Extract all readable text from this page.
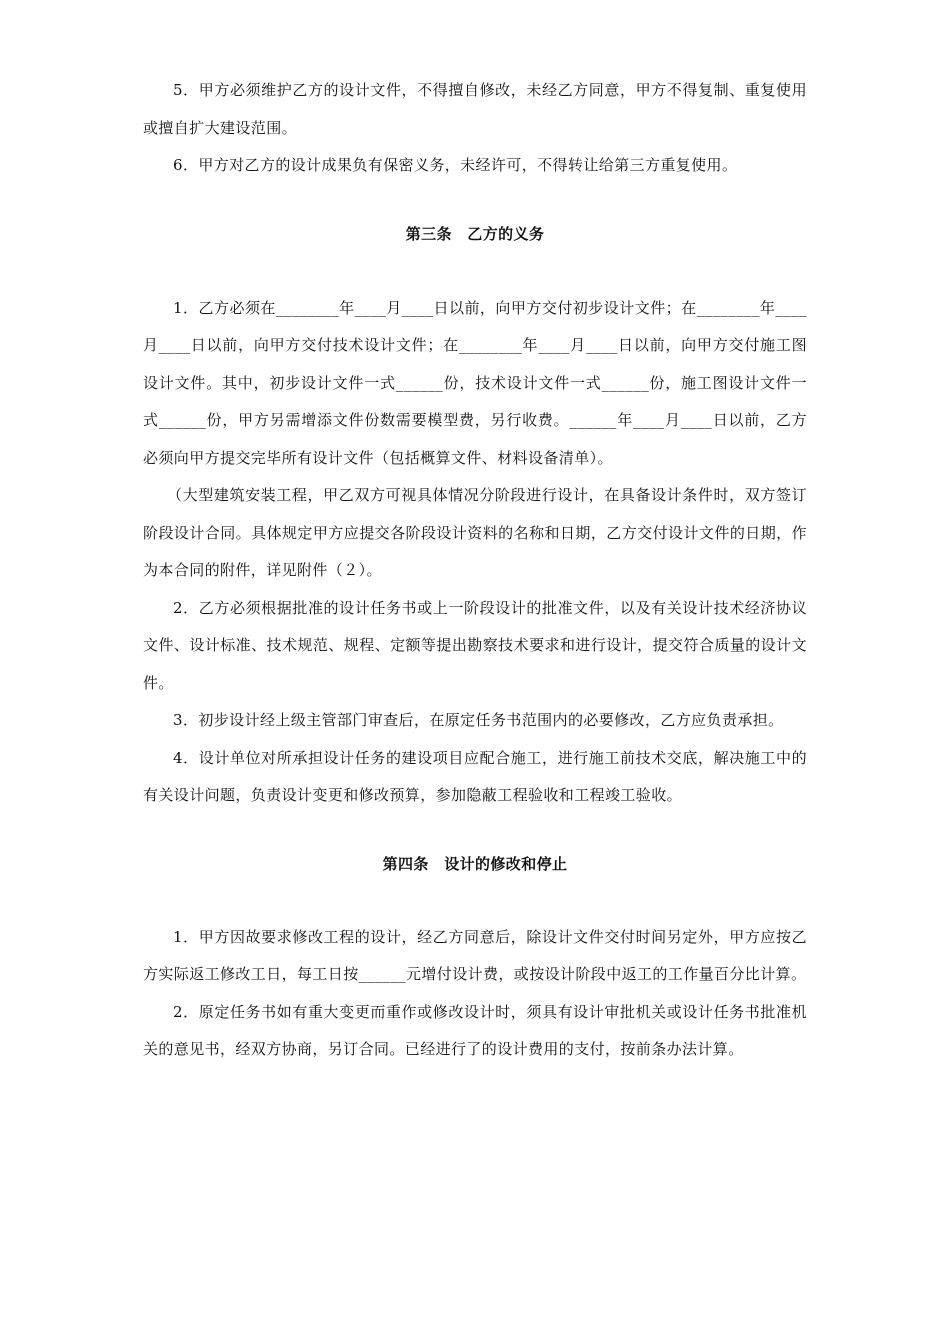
5．甲方必须维护乙方的设计文件，不得擅自修改，未经乙方同意，甲方不得复制、重复使用或擅自扩大建设范围。

6．甲方对乙方的设计成果负有保密义务，未经许可，不得转让给第三方重复使用。

第三条　乙方的义务

1．乙方必须在________年____月____日以前，向甲方交付初步设计文件；在________年____月____日以前，向甲方交付技术设计文件；在________年____月____日以前，向甲方交付施工图设计文件。其中，初步设计文件一式______份，技术设计文件一式______份，施工图设计文件一式______份，甲方另需增添文件份数需要模型费，另行收费。______年____月____日以前，乙方必须向甲方提交完毕所有设计文件（包括概算文件、材料设备清单）。

（大型建筑安装工程，甲乙双方可视具体情况分阶段进行设计，在具备设计条件时，双方签订阶段设计合同。具体规定甲方应提交各阶段设计资料的名称和日期，乙方交付设计文件的日期，作为本合同的附件，详见附件（２）。

2．乙方必须根据批准的设计任务书或上一阶段设计的批准文件，以及有关设计技术经济协议文件、设计标准、技术规范、规程、定额等提出勘察技术要求和进行设计，提交符合质量的设计文件。

3．初步设计经上级主管部门审查后，在原定任务书范围内的必要修改，乙方应负责承担。

4．设计单位对所承担设计任务的建设项目应配合施工，进行施工前技术交底，解决施工中的有关设计问题，负责设计变更和修改预算，参加隐蔽工程验收和工程竣工验收。

第四条　设计的修改和停止

1．甲方因故要求修改工程的设计，经乙方同意后，除设计文件交付时间另定外，甲方应按乙方实际返工修改工日，每工日按______元增付设计费，或按设计阶段中返工的工作量百分比计算。

2．原定任务书如有重大变更而重作或修改设计时，须具有设计审批机关或设计任务书批准机关的意见书，经双方协商，另订合同。已经进行了的设计费用的支付，按前条办法计算。
